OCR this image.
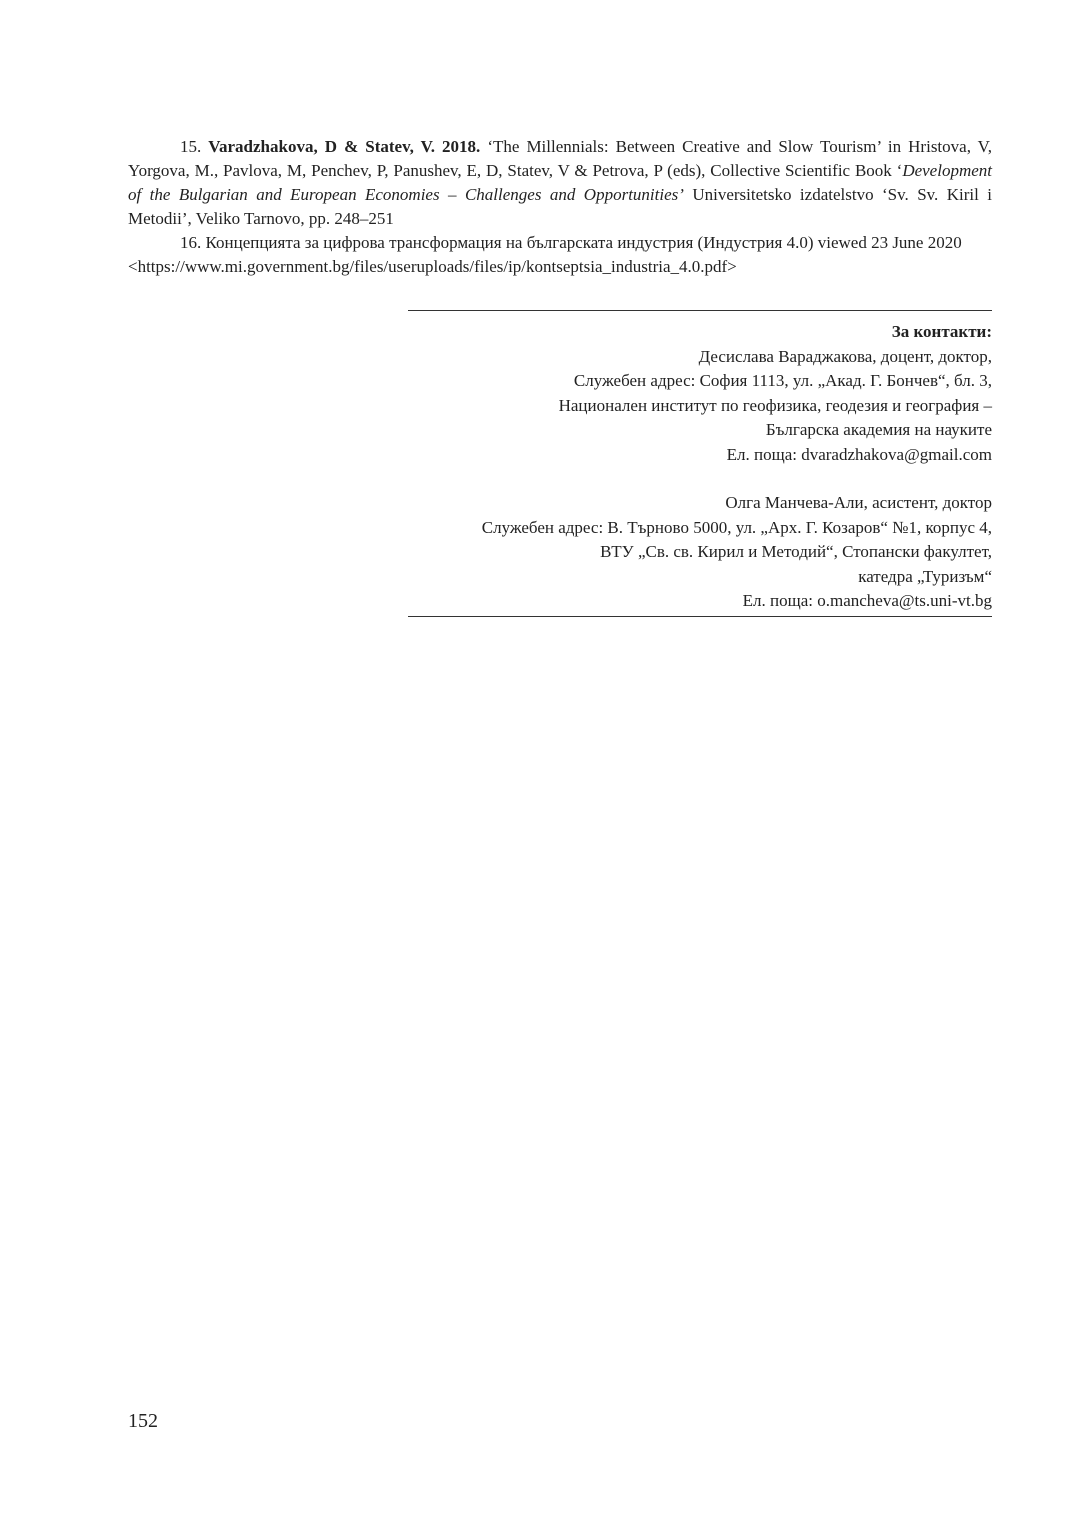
15. Varadzhakova, D & Statev, V. 2018. ‘The Millennials: Between Creative and Slow Tourism’ in Hristova, V, Yorgova, M., Pavlova, M, Penchev, P, Panushev, E, D, Statev, V & Petrova, P (eds), Collective Scientific Book ‘Development of the Bulgarian and European Economies – Challenges and Opportunities’ Universitetsko izdatelstvo ‘Sv. Sv. Kiril i Metodii’, Veliko Tarnovo, pp. 248–251

16. Концепцията за цифрова трансформация на българската индустрия (Индустрия 4.0) viewed 23 June 2020 <https://www.mi.government.bg/files/useruploads/files/ip/kontseptsia_industria_4.0.pdf>

За контакти:
Десислава Вараджакова, доцент, доктор,
Служебен адрес: София 1113, ул. „Акад. Г. Бончев“, бл. 3,
Национален институт по геофизика, геодезия и география –
Българска академия на науките
Ел. поща: dvaradzhakova@gmail.com
Олга Манчева-Али, асистент, доктор
Служебен адрес: В. Търново 5000, ул. „Арх. Г. Козаров“ №1, корпус 4,
ВТУ „Св. св. Кирил и Методий“, Стопански факултет,
катедра „Туризъм“
Ел. поща: o.mancheva@ts.uni-vt.bg
152
